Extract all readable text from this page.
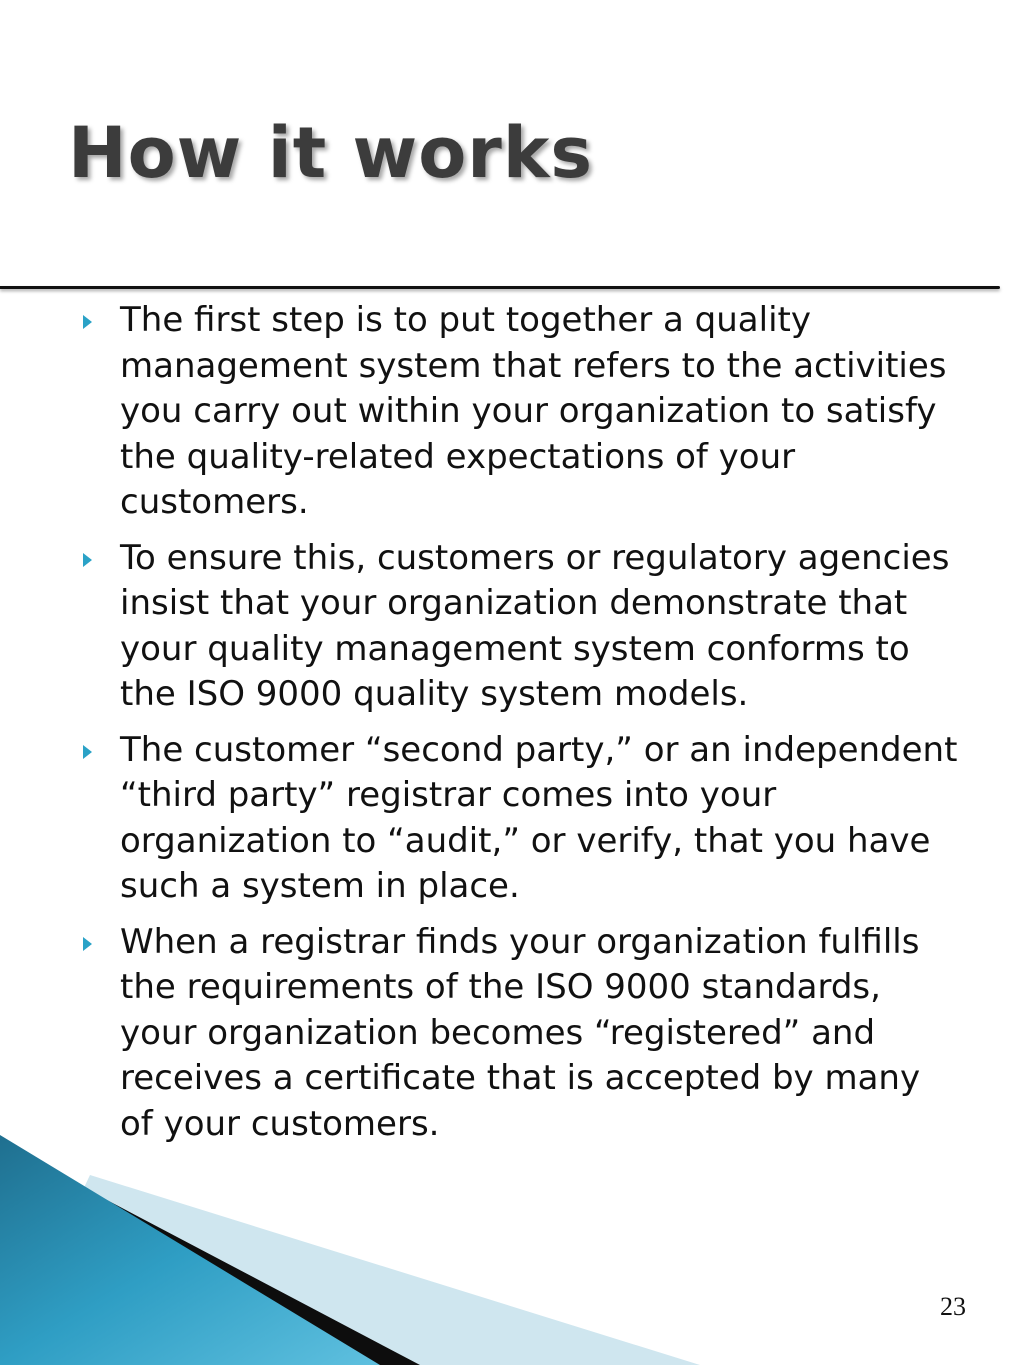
How it works
The first step is to put together a quality management system that refers to the activities you carry out within your organization to satisfy the quality-related expectations of your customers.
To ensure this, customers or regulatory agencies insist that your organization demonstrate that your quality management system conforms to the ISO 9000 quality system models.
The customer “second party,” or an independent “third party” registrar comes into your organization to “audit,” or verify, that you have such a system in place.
When a registrar finds your organization fulfills the requirements of the ISO 9000 standards, your organization becomes “registered” and receives a certificate that is accepted by many of your customers.
23
